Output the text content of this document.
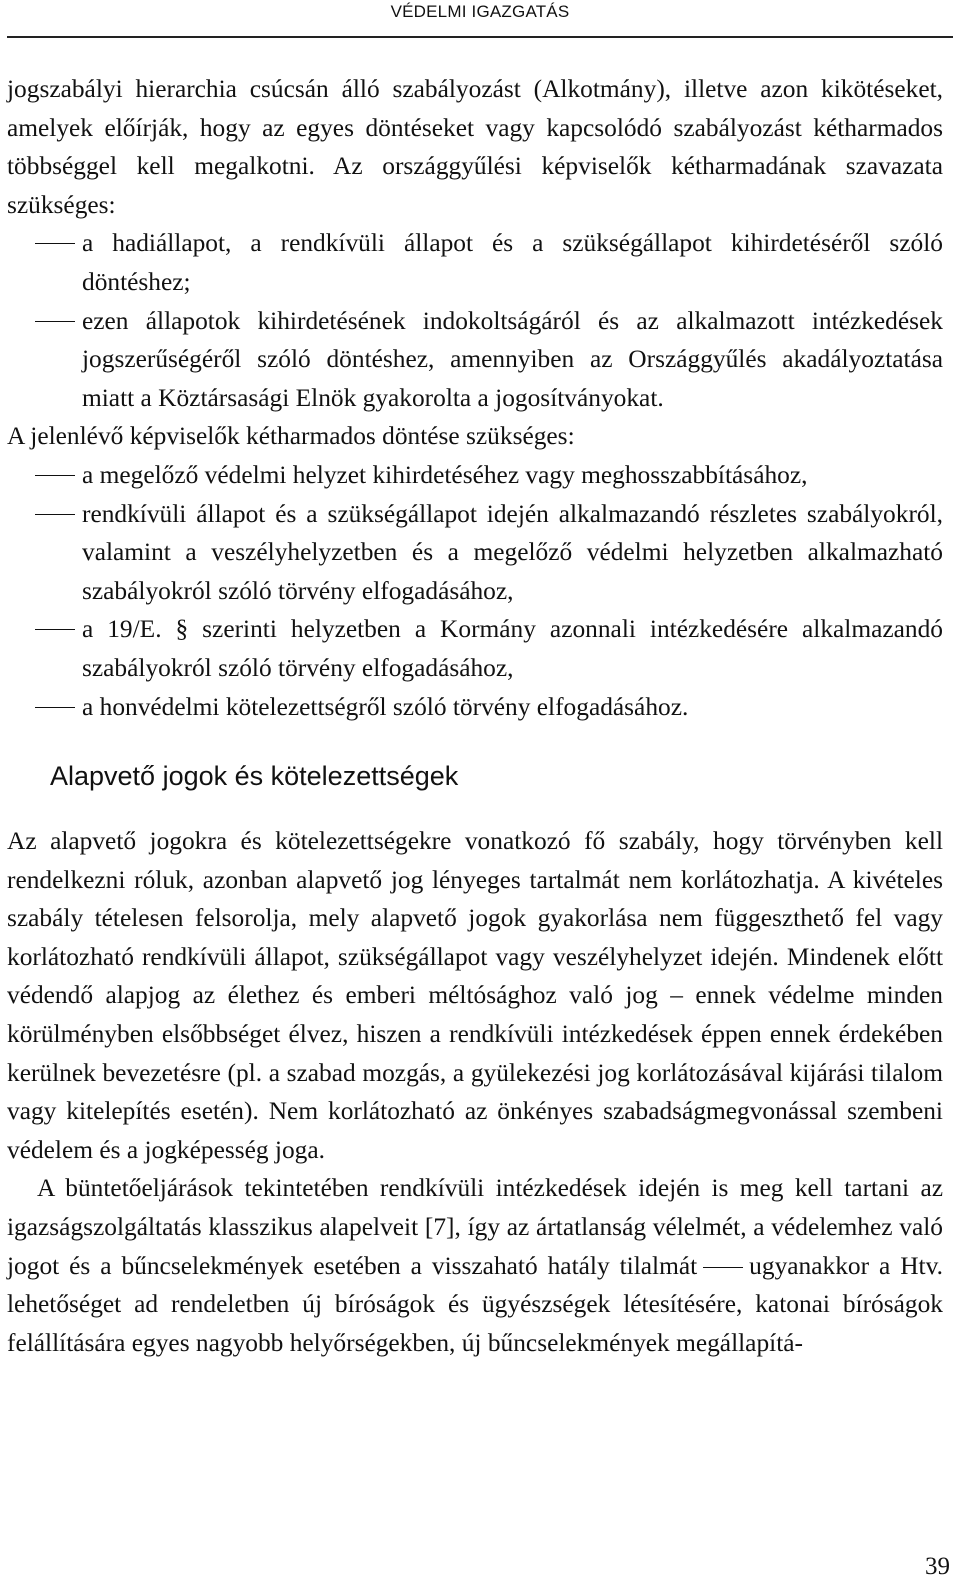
VÉDELMI IGAZGATÁS

jogszabályi hierarchia csúcsán álló szabályozást (Alkotmány), illetve azon kikötéseket, amelyek előírják, hogy az egyes döntéseket vagy kapcsolódó szabályozást kétharmados többséggel kell megalkotni. Az országgyűlési képviselők kétharmadának szavazata szükséges:

a hadiállapot, a rendkívüli állapot és a szükségállapot kihirdetéséről szóló döntéshez;
ezen állapotok kihirdetésének indokoltságáról és az alkalmazott intézkedések jogszerűségéről szóló döntéshez, amennyiben az Országgyűlés akadályoztatása miatt a Köztársasági Elnök gyakorolta a jogosítványokat.

A jelenlévő képviselők kétharmados döntése szükséges:

a megelőző védelmi helyzet kihirdetéséhez vagy meghosszabbításához,
rendkívüli állapot és a szükségállapot idején alkalmazandó részletes szabályokról, valamint a veszélyhelyzetben és a megelőző védelmi helyzetben alkalmazható szabályokról szóló törvény elfogadásához,
a 19/E. § szerinti helyzetben a Kormány azonnali intézkedésére alkalmazandó szabályokról szóló törvény elfogadásához,
a honvédelmi kötelezettségről szóló törvény elfogadásához.
Alapvető jogok és kötelezettségek

Az alapvető jogokra és kötelezettségekre vonatkozó fő szabály, hogy törvényben kell rendelkezni róluk, azonban alapvető jog lényeges tartalmát nem korlátozhatja. A kivételes szabály tételesen felsorolja, mely alapvető jogok gyakorlása nem függeszthető fel vagy korlátozható rendkívüli állapot, szükségállapot vagy veszélyhelyzet idején. Mindenek előtt védendő alapjog az élethez és emberi méltósághoz való jog – ennek védelme minden körülményben elsőbbséget élvez, hiszen a rendkívüli intézkedések éppen ennek érdekében kerülnek bevezetésre (pl. a szabad mozgás, a gyülekezési jog korlátozásával kijárási tilalom vagy kitelepítés esetén). Nem korlátozható az önkényes szabadságmegvonással szembeni védelem és a jogképesség joga.

A büntetőeljárások tekintetében rendkívüli intézkedések idején is meg kell tartani az igazságszolgáltatás klasszikus alapelveit [7], így az ártatlanság vélelmét, a védelemhez való jogot és a bűncselekmények esetében a visszaható hatály tilalmát ugyanakkor a Htv. lehetőséget ad rendeletben új bíróságok és ügyészségek létesítésére, katonai bíróságok felállítására egyes nagyobb helyőrségekben, új bűncselekmények megállapítá-

39
